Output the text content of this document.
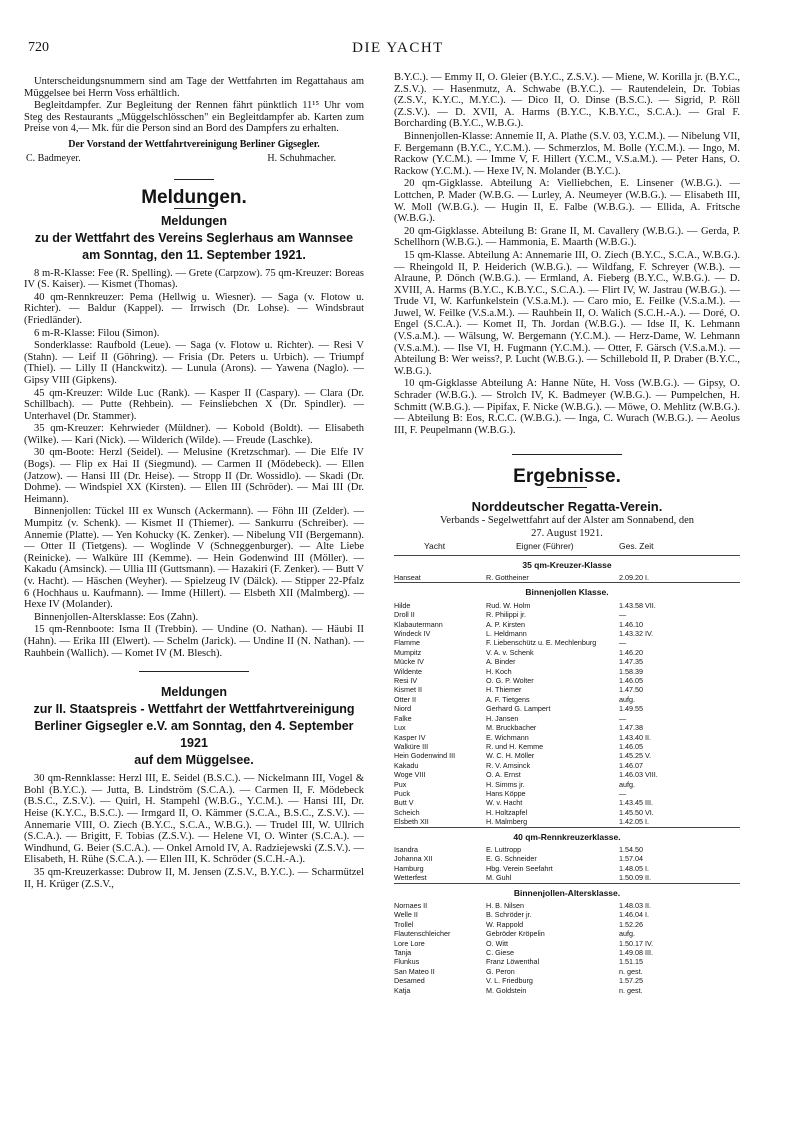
720	DIE YACHT

Unterscheidungsnummern sind am Tage der Wettfahrten im Regattahaus am Müggelsee bei Herrn Voss erhältlich.

Begleitdampfer. Zur Begleitung der Rennen fährt pünktlich 11¹⁵ Uhr vom Steg des Restaurants „Müggelschlösschen" ein Begleitdampfer ab. Karten zum Preise von 4,— Mk. für die Person sind an Bord des Dampfers zu erhalten.

Der Vorstand der Wettfahrtvereinigung Berliner Gigsegler.

C. Badmeyer.	H. Schuhmacher.
Meldungen.
Meldungen
zu der Wettfahrt des Vereins Seglerhaus am Wannsee
am Sonntag, den 11. September 1921.

8 m-R-Klasse: Fee (R. Spelling). — Grete (Carpzow). 75 qm-Kreuzer: Boreas IV (S. Kaiser). — Kismet (Thomas).

40 qm-Rennkreuzer: Pema (Hellwig u. Wiesner). — Saga (v. Flotow u. Richter). — Baldur (Kappel). — Irrwisch (Dr. Lohse). — Windsbraut (Friedländer).

6 m-R-Klasse: Filou (Simon).

Sonderklasse: Raufbold (Leue). — Saga (v. Flotow u. Richter). — Resi V (Stahn). — Leif II (Göhring). — Frisia (Dr. Peters u. Urbich). — Triumpf (Thiel). — Lilly II (Hanckwitz). — Lunula (Arons). — Yawena (Naglo). — Gipsy VIII (Gipkens).

45 qm-Kreuzer: Wilde Luc (Rank). — Kasper II (Caspary). — Clara (Dr. Schillbach). — Putte (Rehbein). — Feinsliebchen X (Dr. Spindler). — Unterhavel (Dr. Stammer).

35 qm-Kreuzer: Kehrwieder (Müldner). — Kobold (Boldt). — Elisabeth (Wilke). — Kari (Nick). — Wilderich (Wilde). — Freude (Laschke).

30 qm-Boote: Herzl (Seidel). — Melusine (Kretzschmar). — Die Elfe IV (Bogs). — Flip ex Hai II (Siegmund). — Carmen II (Mödebeck). — Ellen (Jatzow). — Hansi III (Dr. Heise). — Stropp II (Dr. Wossidlo). — Skadi (Dr. Dohme). — Windspiel XX (Kirsten). — Ellen III (Schröder). — Mai III (Dr. Heimann).

Binnenjollen: Tückel III ex Wunsch (Ackermann). — Föhn III (Zelder). — Mumpitz (v. Schenk). — Kismet II (Thiemer). — Sankurru (Schreiber). — Annemie (Platte). — Yen Kohucky (K. Zenker). — Nibelung VII (Bergemann). — Otter II (Tietgens). — Woglinde V (Schneggenburger). — Alte Liebe (Reinicke). — Walküre III (Kemme). — Hein Godenwind III (Möller). — Kakadu (Amsinck). — Ullia III (Guttsmann). — Hazakiri (F. Zenker). — Butt V (v. Hacht). — Häschen (Weyher). — Spielzeug IV (Dälck). — Stipper 22-Pfalz 6 (Hochhaus u. Kaufmann). — Imme (Hillert). — Elsbeth XII (Malmberg). — Hexe IV (Molander).

Binnenjollen-Altersklasse: Eos (Zahn).

15 qm-Rennboote: Isma II (Trebbin). — Undine (O. Nathan). — Häubi II (Hahn). — Erika III (Elwert). — Schelm (Jarick). — Undine II (N. Nathan). — Rauhbein (Wallich). — Komet IV (M. Blesch).

Meldungen
zur II. Staatspreis - Wettfahrt der Wettfahrtvereinigung
Berliner Gigsegler e.V. am Sonntag, den 4. September 1921
auf dem Müggelsee.

30 qm-Rennklasse: Herzl III, E. Seidel (B.S.C.). — Nickelmann III, Vogel & Bohl (B.Y.C.). — Jutta, B. Lindström (S.C.A.). — Carmen II, F. Mödebeck (B.S.C., Z.S.V.). — Quirl, H. Stampehl (W.B.G., Y.C.M.). — Hansi III, Dr. Heise (K.Y.C., B.S.C.). — Irmgard II, O. Kämmer (S.C.A., B.S.C., Z.S.V.). — Annemarie VIII, O. Ziech (B.Y.C., S.C.A., W.B.G.). — Trudel III, W. Ullrich (S.C.A.). — Brigitt, F. Tobias (Z.S.V.). — Helene VI, O. Winter (S.C.A.). — Windhund, G. Beier (S.C.A.). — Onkel Arnold IV, A. Radziejewski (Z.S.V.). — Elisabeth, H. Rühe (S.C.A.). — Ellen III, K. Schröder (S.C.H.-A.).

35 qm-Kreuzerkasse: Dubrow II, M. Jensen (Z.S.V., B.Y.C.). — Scharmützel II, H. Krüger (Z.S.V.,

B.Y.C.). — Emmy II, O. Gleier (B.Y.C., Z.S.V.). — Miene, W. Korilla jr. (B.Y.C., Z.S.V.). — Hasenmutz, A. Schwabe (B.Y.C.). — Rautendelein, Dr. Tobias (Z.S.V., K.Y.C., M.Y.C.). — Dico II, O. Dinse (B.S.C.). — Sigrid, P. Röll (Z.S.V.). — D. XVII, A. Harms (B.Y.C., K.B.Y.C., S.C.A.). — Gral F. Borcharding (B.Y.C., W.B.G.).

Binnenjollen-Klasse: Annemie II, A. Plathe (S.V. 03, Y.C.M.). — Nibelung VII, F. Bergemann (B.Y.C., Y.C.M.). — Schmerzlos, M. Bolle (Y.C.M.). — Ingo, M. Rackow (Y.C.M.). — Imme V, F. Hillert (Y.C.M., V.S.a.M.). — Peter Hans, O. Rackow (Y.C.M.). — Hexe IV, N. Molander (B.Y.C.).

20 qm-Gigklasse. Abteilung A: Vielliebchen, E. Linsener (W.B.G.). — Lottchen, P. Mader (W.B.G. — Lurley, A. Neumeyer (W.B.G.). — Elisabeth III, W. Moll (W.B.G.). — Hugin II, E. Falbe (W.B.G.). — Ellida, A. Fritsche (W.B.G.).

20 qm-Gigklasse. Abteilung B: Grane II, M. Cavallery (W.B.G.). — Gerda, P. Schellhorn (W.B.G.). — Hammonia, E. Maarth (W.B.G.).

15 qm-Klasse. Abteilung A: Annemarie III, O. Ziech (B.Y.C., S.C.A., W.B.G.). — Rheingold II, P. Heiderich (W.B.G.). — Wildfang, F. Schreyer (W.B.). — Alraune, P. Dönch (W.B.G.). — Ermland, A. Fieberg (B.Y.C., W.B.G.). — D. XVIII, A. Harms (B.Y.C., K.B.Y.C., S.C.A.). — Flirt IV, W. Jastrau (W.B.G.). — Trude VI, W. Karfunkelstein (V.S.a.M.). — Caro mio, E. Feilke (V.S.a.M.). — Juwel, W. Feilke (V.S.a.M.). — Rauhbein II, O. Walich (S.C.H.-A.). — Doré, O. Engel (S.C.A.). — Komet II, Th. Jordan (W.B.G.). — Idse II, K. Lehmann (V.S.a.M.). — Wälsung, W. Bergemann (Y.C.M.). — Herz-Dame, W. Lehmann (V.S.a.M.). — Ilse VI, H. Fugmann (Y.C.M.). — Otter, F. Gärsch (V.S.a.M.). — Abteilung B: Wer weiss?, P. Lucht (W.B.G.). — Schillebold II, P. Draber (B.Y.C., W.B.G.).

10 qm-Gigklasse Abteilung A: Hanne Nüte, H. Voss (W.B.G.). — Gipsy, O. Schrader (W.B.G.). — Strolch IV, K. Badmeyer (W.B.G.). — Pumpelchen, H. Schmitt (W.B.G.). — Pipifax, F. Nicke (W.B.G.). — Möwe, O. Mehlitz (W.B.G.). — Abteilung B: Eos, R.C.C. (W.B.G.). — Inga, C. Wurach (W.B.G.). — Aeolus III, F. Peupelmann (W.B.G.).

Ergebnisse.
Norddeutscher Regatta-Verein.

Verbands - Segelwettfahrt auf der Alster am Sonnabend, den

27. August 1921.

Yacht	Eigner (Führer)	Ges. Zeit
35 qm-Kreuzer-Klasse		
Hanseat	R. Gottheiner	2.09.20 I.
Binnenjollen Klasse.		
Hilde	Rud. W. Holm	1.43.58 VII.
Droll II	R. Philippi jr.	—
Klabautermann	A. P. Kirsten	1.46.10
Windeck IV	L. Heldmann	1.43.32 IV.
Flamme	F. Liebenschütz u. E. Mechlenburg	—
Mumpitz	V. A. v. Schenk	1.46.20
Mücke IV	A. Binder	1.47.35
Wildente	H. Koch	1.58.39
Resi IV	O. G. P. Wolter	1.46.05
Kismet II	H. Thiemer	1.47.50
Otter II	A. F. Tietgens	aufg.
Niord	Gerhard G. Lampert	1.49.55
Falke	H. Jansen	—
Lux	M. Bruckbacher	1.47.38
Kasper IV	E. Wichmann	1.43.40 II.
Walküre III	R. und H. Kemme	1.46.05
Hein Godenwind III	W. C. H. Möller	1.45.25 V.
Kakadu	R. V. Amsinck	1.46.07
Woge VIII	O. A. Ernst	1.46.03 VIII.
Pux	H. Simms jr.	aufg.
Puck	Hans Köppe	—
Butt V	W. v. Hacht	1.43.45 III.
Scheich	H. Holtzapfel	1.45.50 VI.
Elsbeth XII	H. Malmberg	1.42.05 I.
40 qm-Rennkreuzerklasse.		
Isandra	E. Luttropp	1.54.50
Johanna XII	E. G. Schneider	1.57.04
Hamburg	Hbg. Verein Seefahrt	1.48.05 I.
Wetterfest	M. Guhl	1.50.09 II.
Binnenjollen-Altersklasse.		
Nornaes II	H. B. Nilsen	1.48.03 II.
Welle II	B. Schröder jr.	1.46.04 I.
Trollel	W. Rappold	1.52.26
Flautenschleicher	Gebröder Kröpelin	aufg.
Lore Lore	O. Witt	1.50.17 IV.
Tanja	C. Giese	1.49.08 III.
Flunkus	Franz Löwenthal	1.51.15
San Mateo II	G. Peron	n. gest.
Desamed	V. L. Friedburg	1.57.25
Katja	M. Goldstein	n. gest.
